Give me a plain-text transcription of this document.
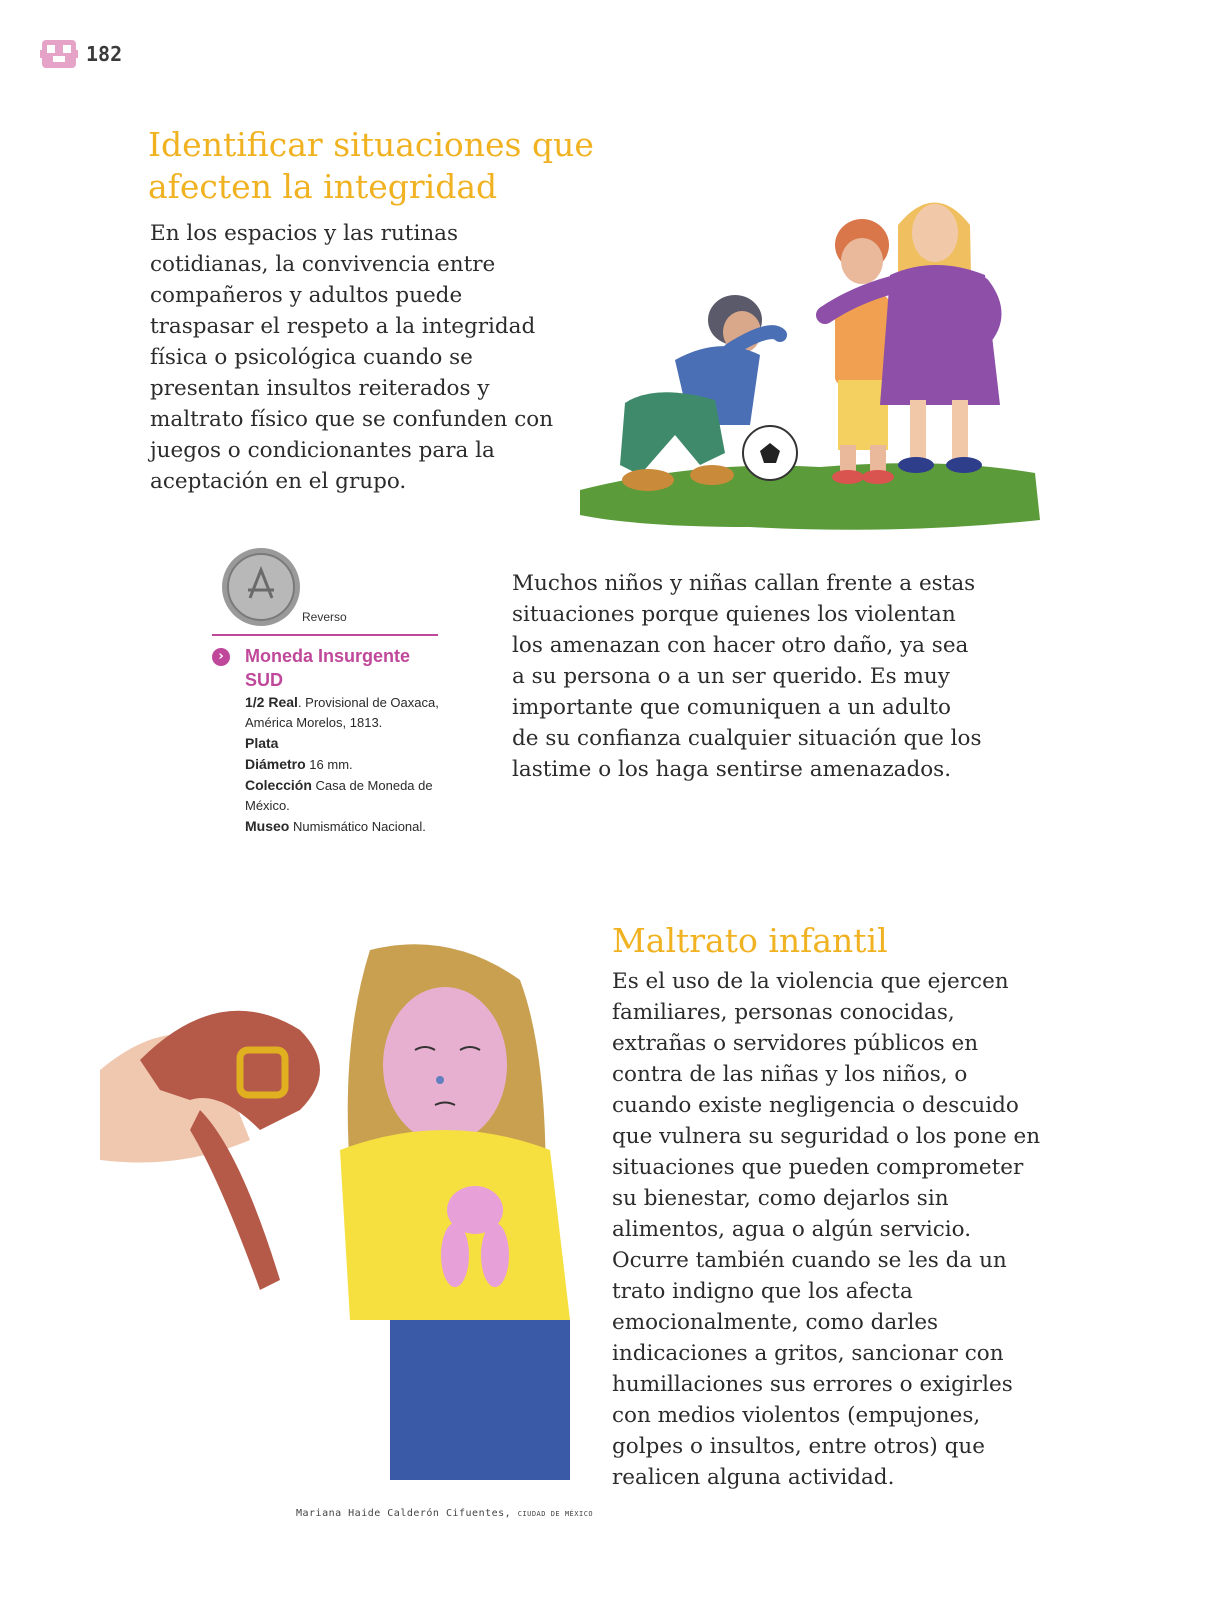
182
Identificar situaciones que afecten la integridad

En los espacios y las rutinas cotidianas, la convivencia entre compañeros y adultos puede traspasar el respeto a la integridad física o psicológica cuando se presentan insultos reiterados y maltrato físico que se confunden con juegos o condicionantes para la aceptación en el grupo.

Reverso
›	Moneda Insurgente SUD
1/2 Real. Provisional de Oaxaca, América Morelos, 1813.
Plata
Diámetro 16 mm.
Colección Casa de Moneda de México.
Museo Numismático Nacional.

Muchos niños y niñas callan frente a estas situaciones porque quienes los violentan los amenazan con hacer otro daño, ya sea a su persona o a un ser querido. Es muy importante que comuniquen a un adulto de su confianza cualquier situación que los lastime o los haga sentirse amenazados.

Maltrato infantil

Es el uso de la violencia que ejercen familiares, personas conocidas, extrañas o servidores públicos en contra de las niñas y los niños, o cuando existe negligencia o descuido que vulnera su seguridad o los pone en situaciones que pueden comprometer su bienestar, como dejarlos sin alimentos, agua o algún servicio. Ocurre también cuando se les da un trato indigno que los afecta emocionalmente, como darles indicaciones a gritos, sancionar con humillaciones sus errores o exigirles con medios violentos (empujones, golpes o insultos, entre otros) que realicen alguna actividad.

Mariana Haide Calderón Cifuentes, CIUDAD DE MÉXICO
